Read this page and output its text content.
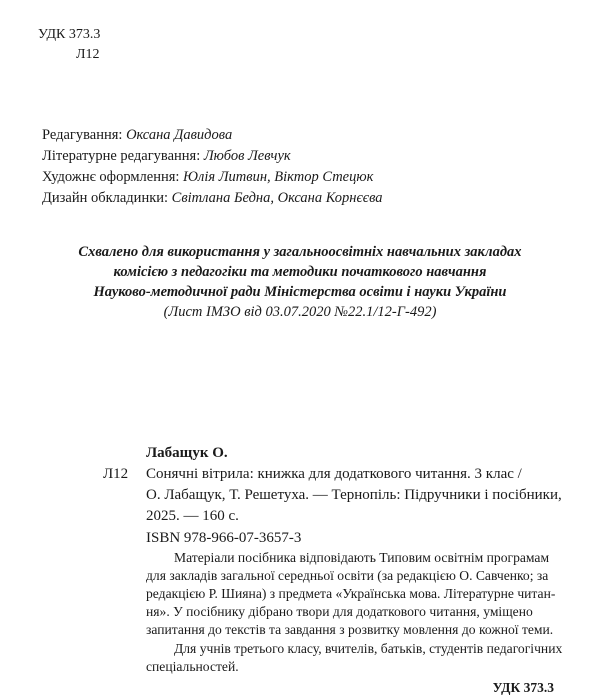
УДК 373.3
Л12
Редагування: Оксана Давидова
Літературне редагування: Любов Левчук
Художнє оформлення: Юлія Литвин, Віктор Стецюк
Дизайн обкладинки: Світлана Бедна, Оксана Корнєєва
Схвалено для використання у загальноосвітніх навчальних закладах
комісією з педагогіки та методики початкового навчання
Науково-методичної ради Міністерства освіти і науки України
(Лист ІМЗО від 03.07.2020 №22.1/12-Г-492)
Лабащук О.
Л12 Сонячні вітрила: книжка для додаткового читання. 3 клас /
О. Лабащук, Т. Решетуха. — Тернопіль: Підручники і посібники,
2025. — 160 с.
ISBN 978-966-07-3657-3
Матеріали посібника відповідають Типовим освітнім програмам
для закладів загальної середньої освіти (за редакцією О. Савченко; за
редакцією Р. Шияна) з предмета «Українська мова. Літературне читан-
ня». У посібнику дібрано твори для додаткового читання, уміщено
запитання до текстів та завдання з розвитку мовлення до кожної теми.
Для учнів третього класу, вчителів, батьків, студентів педагогічних
спеціальностей.
УДК 373.3
